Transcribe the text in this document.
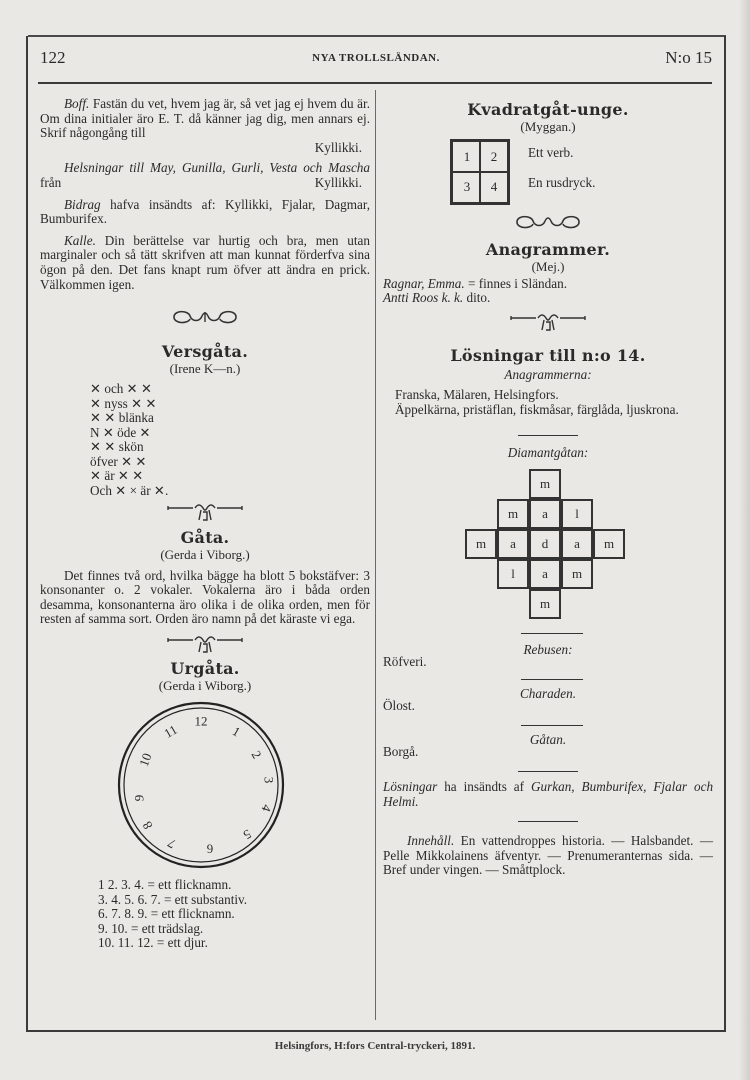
122	NYA TROLLSLÄNDAN.	N:o 15

Boff. Fastän du vet, hvem jag är, så vet jag ej hvem du är. Om dina initialer äro E. T. då känner jag dig, men annars ej. Skrif någongång till

Kyllikki.

Helsningar till May, Gunilla, Gurli, Vesta och Mascha från	Kyllikki.

Bidrag hafva insändts af: Kyllikki, Fjalar, Dagmar, Bumburifex.

Kalle. Din berättelse var hurtig och bra, men utan marginaler och så tätt skrifven att man kunnat förderfva sina ögon på den. Det fans knapt rum öfver att ändra en prick. Välkommen igen.

Versgåta.
(Irene K—n.)
✕ och ✕ ✕
✕ nyss ✕ ✕
✕ ✕ blänka
N ✕ öde ✕
✕ ✕ skön
öfver ✕ ✕
✕ är ✕ ✕
Och ✕ × är ✕.
Gåta.
(Gerda i Viborg.)

Det finnes två ord, hvilka bägge ha blott 5 bokstäfver: 3 konsonanter o. 2 vokaler. Vokalerna äro i båda orden desamma, konsonanterna äro olika i de olika orden, men för resten af samma sort. Orden äro namn på det käraste vi ega.

Urgåta.
(Gerda i Wiborg.)
12
1
2
3
4
5
6
7
8
9
10
11
1 2. 3. 4. = ett flicknamn.
3. 4. 5. 6. 7. = ett substantiv.
6. 7. 8. 9. = ett flicknamn.
9. 10. = ett trädslag.
10. 11. 12. = ett djur.
Kvadratgåt-unge.
(Myggan.)
1	2
3	4
Ett verb.
En rusdryck.
Anagrammer.
(Mej.)
Ragnar, Emma. = finnes i Sländan.
Antti Roos k. k. dito.
Lösningar till n:o 14.
Anagrammerna:
Franska, Mälaren, Helsingfors.

Äppelkärna, pristäflan, fiskmåsar, färglåda, ljuskrona.

Diamantgåtan:
m
m	a	l
m	a	d	a	m
l	a	m
m
Rebusen:
Röfveri.
Charaden.
Ölost.
Gåtan.
Borgå.

Lösningar ha insändts af Gurkan, Bumburifex, Fjalar och Helmi.

Innehåll. En vattendroppes historia. — Halsbandet. — Pelle Mikkolainens äfventyr. — Prenumeranternas sida. — Bref under vingen. — Småttplock.

Helsingfors, H:fors Central-tryckeri, 1891.
